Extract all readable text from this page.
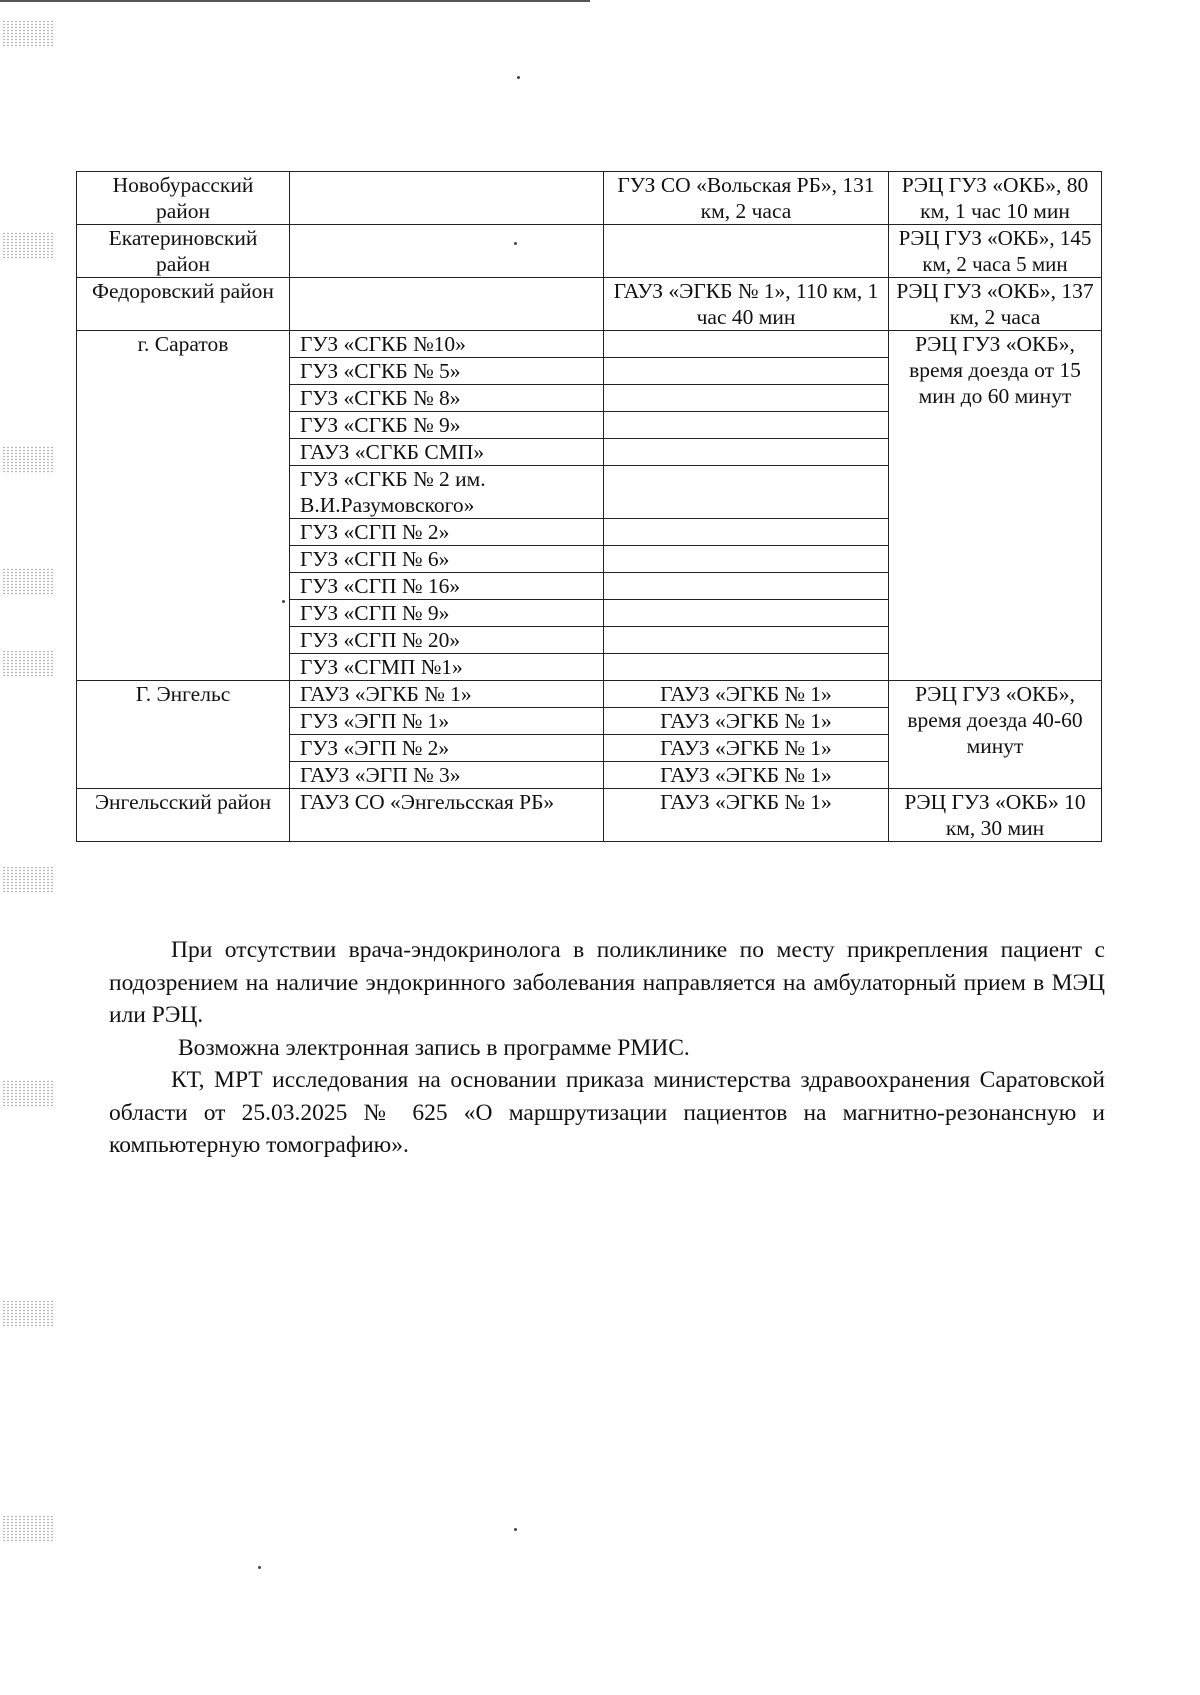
Новобурасский район		ГУЗ СО «Вольская РБ», 131 км, 2 часа	РЭЦ ГУЗ «ОКБ», 80 км, 1 час 10 мин
Екатериновский район			РЭЦ ГУЗ «ОКБ», 145 км, 2 часа 5 мин
Федоровский район		ГАУЗ «ЭГКБ № 1», 110 км, 1 час 40 мин	РЭЦ ГУЗ «ОКБ», 137 км, 2 часа
г. Саратов	ГУЗ «СГКБ №10»		РЭЦ ГУЗ «ОКБ», время доезда от 15 мин до 60 минут
	ГУЗ «СГКБ № 5»		
	ГУЗ «СГКБ № 8»		
	ГУЗ «СГКБ № 9»		
	ГАУЗ «СГКБ СМП»		
	ГУЗ «СГКБ № 2 им. В.И.Разумовского»		
	ГУЗ «СГП № 2»		
	ГУЗ «СГП № 6»		
	ГУЗ «СГП № 16»		
	ГУЗ «СГП № 9»		
	ГУЗ «СГП № 20»		
	ГУЗ «СГМП №1»		
Г. Энгельс	ГАУЗ «ЭГКБ № 1»	ГАУЗ «ЭГКБ № 1»	РЭЦ ГУЗ «ОКБ», время доезда 40-60 минут
	ГУЗ «ЭГП № 1»	ГАУЗ «ЭГКБ № 1»	
	ГУЗ «ЭГП № 2»	ГАУЗ «ЭГКБ № 1»	
	ГАУЗ «ЭГП № 3»	ГАУЗ «ЭГКБ № 1»	
Энгельсский район	ГАУЗ СО «Энгельсская РБ»	ГАУЗ «ЭГКБ № 1»	РЭЦ ГУЗ «ОКБ» 10 км, 30 мин

При отсутствии врача-эндокринолога в поликлинике по месту прикрепления пациент с подозрением на наличие эндокринного заболевания направляется на амбулаторный прием в МЭЦ или РЭЦ.

Возможна электронная запись в программе РМИС.

КТ, МРТ исследования на основании приказа министерства здравоохранения Саратовской области от 25.03.2025 № 625 «О маршрутизации пациентов на магнитно-резонансную и компьютерную томографию».
